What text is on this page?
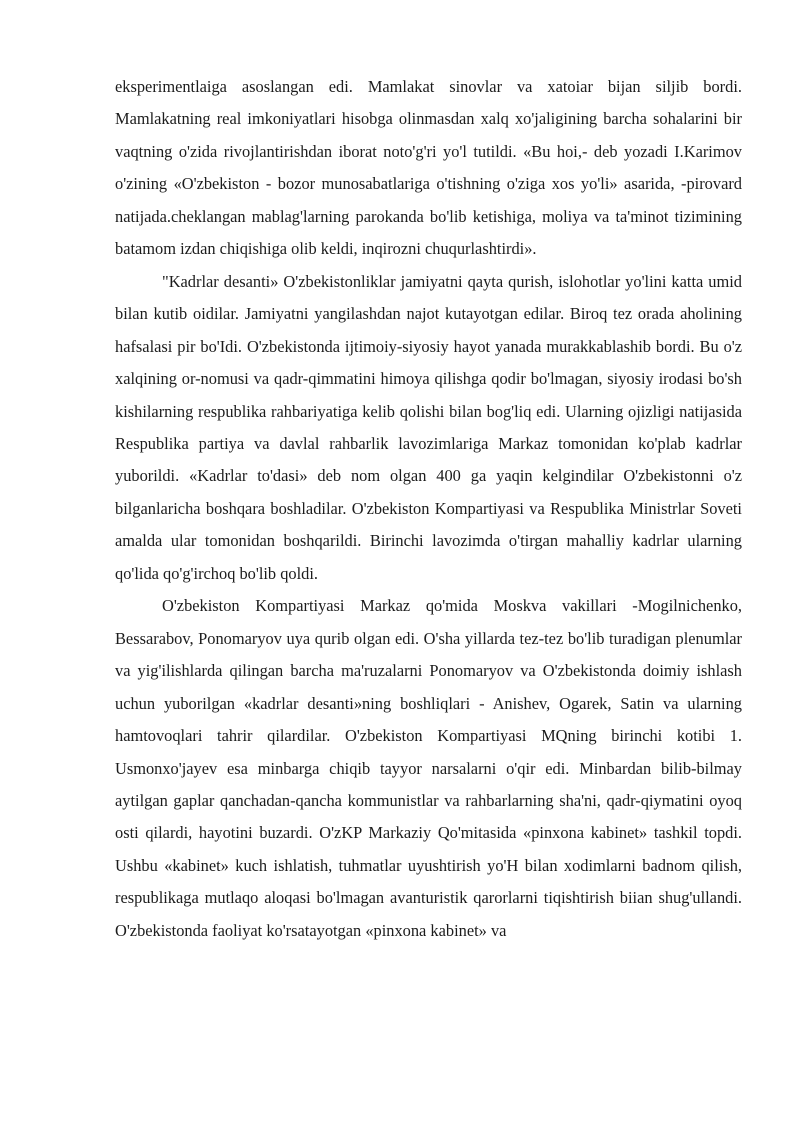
eksperimentlaiga asoslangan edi. Mamlakat sinovlar va xatoiar bijan siljib bordi. Mamlakatning real imkoniyatlari hisobga olinmasdan xalq xo'jaligining barcha sohalarini bir vaqtning o'zida rivojlantirishdan iborat noto'g'ri yo'l tutildi. «Bu hoi,- deb yozadi I.Karimov o'zining «O'zbekiston - bozor munosabatlariga o'tishning o'ziga xos yo'li» asarida, -pirovard natijada.cheklangan mablag'larning parokanda bo'lib ketishiga, moliya va ta'minot tizimining batamom izdan chiqishiga olib keldi, inqirozni chuqurlashtirdi».

"Kadrlar desanti» O'zbekistonliklar jamiyatni qayta qurish, islohotlar yo'lini katta umid bilan kutib oidilar. Jamiyatni yangilashdan najot kutayotgan edilar. Biroq tez orada aholining hafsalasi pir bo'Idi. O'zbekistonda ijtimoiy-siyosiy hayot yanada murakkablashib bordi. Bu o'z xalqining or-nomusi va qadr-qimmatini himoya qilishga qodir bo'lmagan, siyosiy irodasi bo'sh kishilarning respublika rahbariyatiga kelib qolishi bilan bog'liq edi. Ularning ojizligi natijasida Respublika partiya va davlal rahbarlik lavozimlariga Markaz tomonidan ko'plab kadrlar yuborildi. «Kadrlar to'dasi» deb nom olgan 400 ga yaqin kelgindilar O'zbekistonni o'z bilganlaricha boshqara boshladilar. O'zbekiston Kompartiyasi va Respublika Ministrlar Soveti amalda ular tomonidan boshqarildi. Birinchi lavozimda o'tirgan mahalliy kadrlar ularning qo'lida qo'g'irchoq bo'lib qoldi.

O'zbekiston Kompartiyasi Markaz qo'mida Moskva vakillari -Mogilnichenko, Bessarabov, Ponomaryov uya qurib olgan edi. O'sha yillarda tez-tez bo'lib turadigan plenumlar va yig'ilishlarda qilingan barcha ma'ruzalarni Ponomaryov va O'zbekistonda doimiy ishlash uchun yuborilgan «kadrlar desanti»ning boshliqlari - Anishev, Ogarek, Satin va ularning hamtovoqlari tahrir qilardilar. O'zbekiston Kompartiyasi MQning birinchi kotibi 1. Usmonxo'jayev esa minbarga chiqib tayyor narsalarni o'qir edi. Minbardan bilib-bilmay aytilgan gaplar qanchadan-qancha kommunistlar va rahbarlarning sha'ni, qadr-qiymatini oyoq osti qilardi, hayotini buzardi. O'zKP Markaziy Qo'mitasida «pinxona kabinet» tashkil topdi. Ushbu «kabinet» kuch ishlatish, tuhmatlar uyushtirish yo'H bilan xodimlarni badnom qilish, respublikaga mutlaqo aloqasi bo'lmagan avanturistik qarorlarni tiqishtirish biian shug'ullandi. O'zbekistonda faoliyat ko'rsatayotgan «pinxona kabinet» va
